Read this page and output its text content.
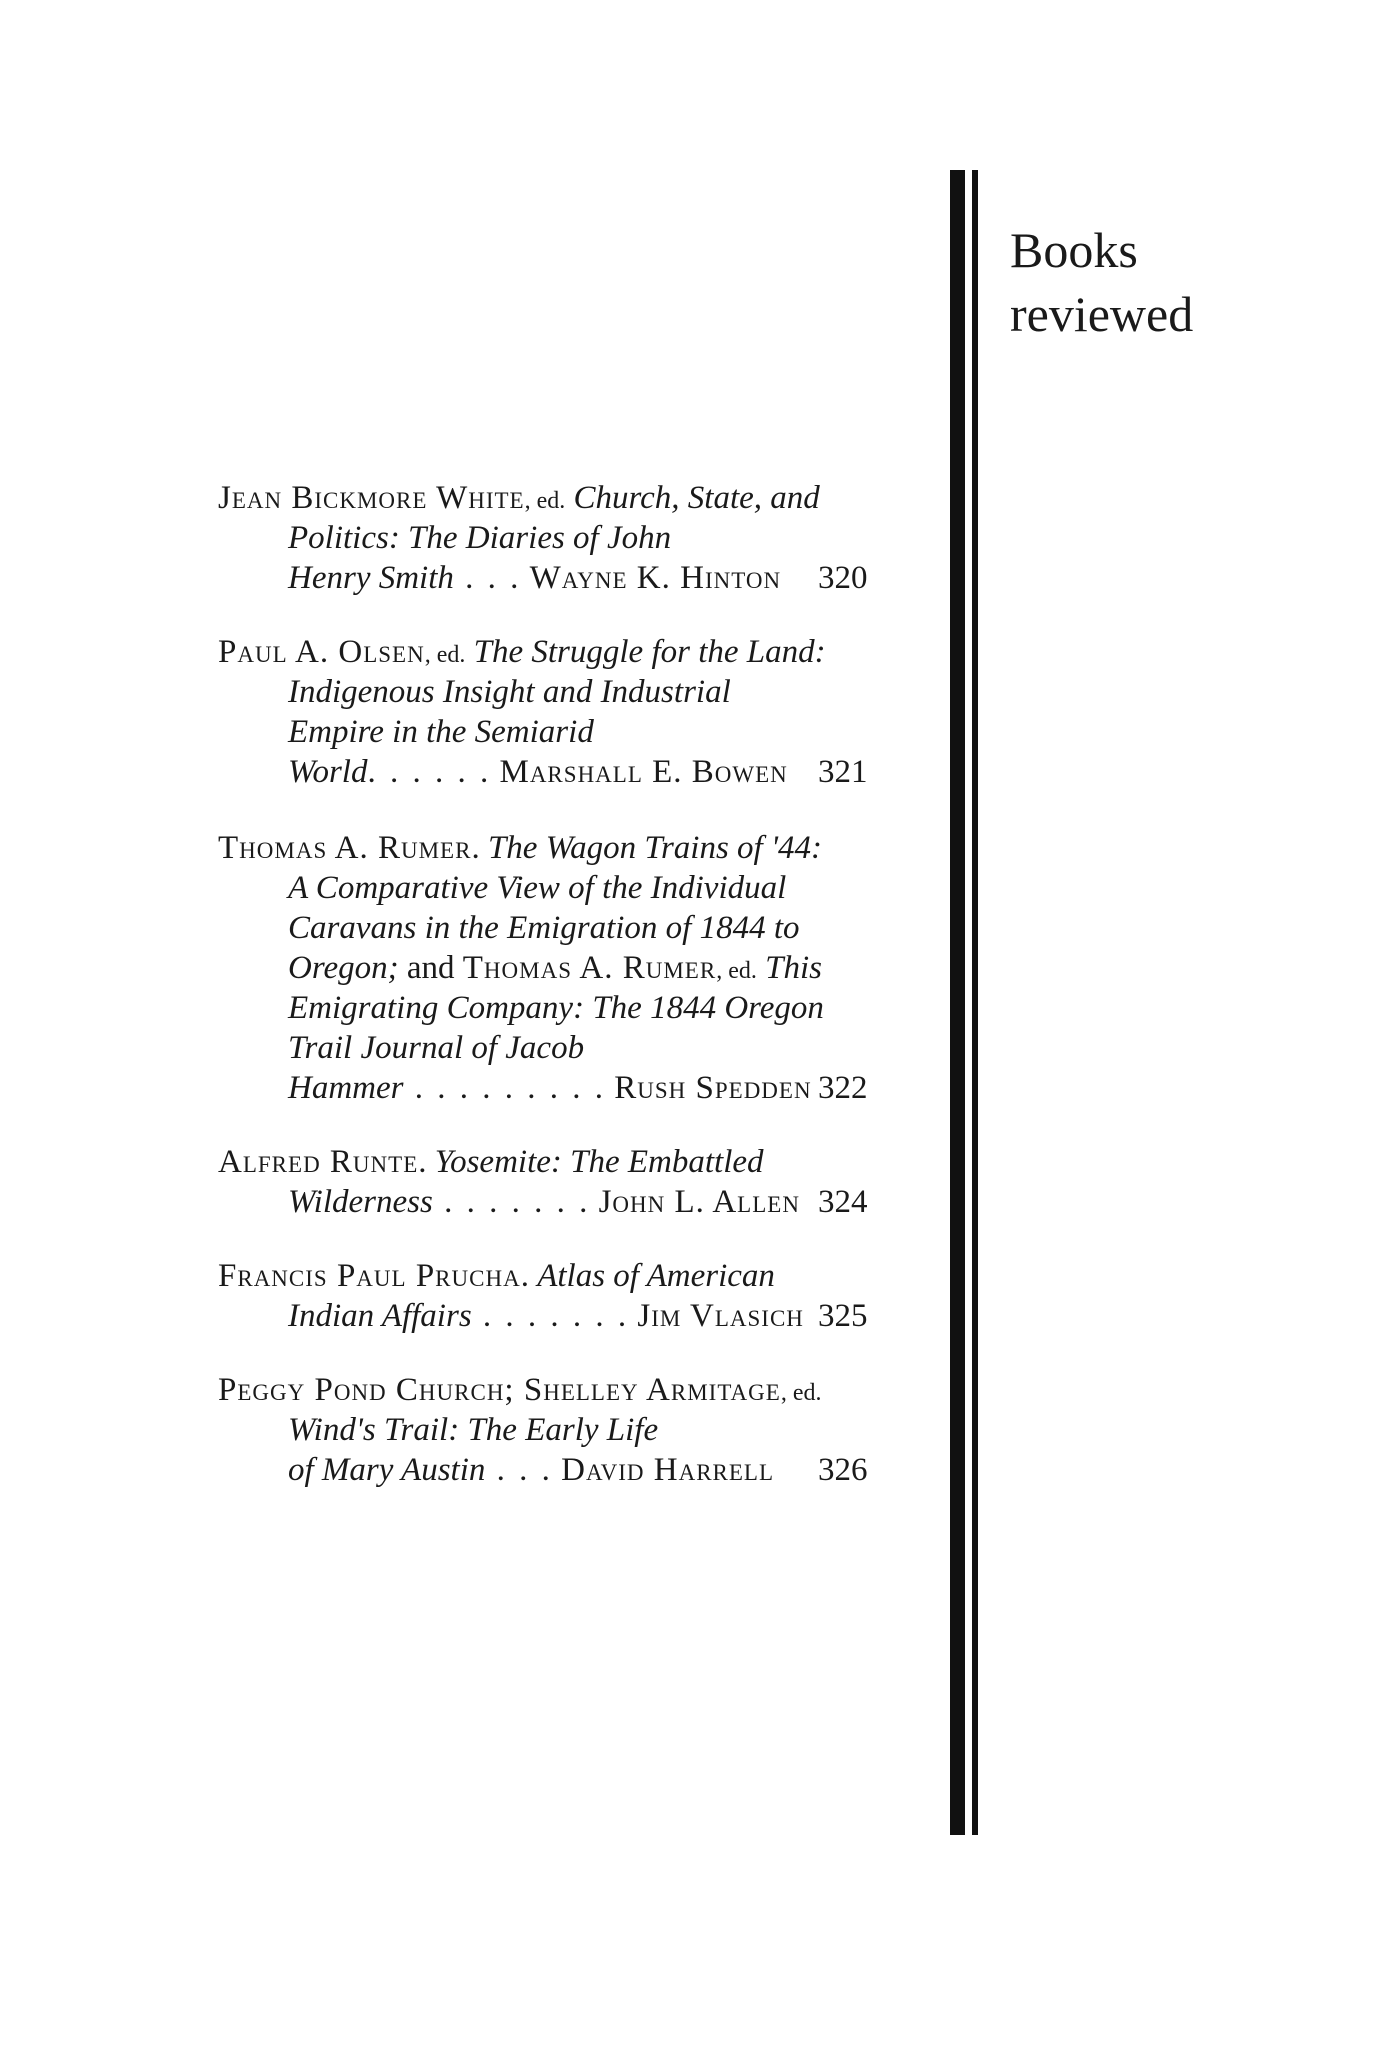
Books
reviewed
Jean Bickmore White, ed. Church, State, and
Politics: The Diaries of John
Henry Smith . . . Wayne K. Hinton 320
Paul A. Olsen, ed. The Struggle for the Land:
Indigenous Insight and Industrial
Empire in the Semiarid
World. . . . . . Marshall E. Bowen 321
Thomas A. Rumer. The Wagon Trains of '44:
A Comparative View of the Individual
Caravans in the Emigration of 1844 to
Oregon; and Thomas A. Rumer, ed. This
Emigrating Company: The 1844 Oregon
Trail Journal of Jacob
Hammer . . . . . . . . . Rush Spedden 322
Alfred Runte. Yosemite: The Embattled
Wilderness . . . . . . . John L. Allen 324
Francis Paul Prucha. Atlas of American
Indian Affairs . . . . . . . Jim Vlasich 325
Peggy Pond Church; Shelley Armitage, ed.
Wind's Trail: The Early Life
of Mary Austin . . . David Harrell 326
